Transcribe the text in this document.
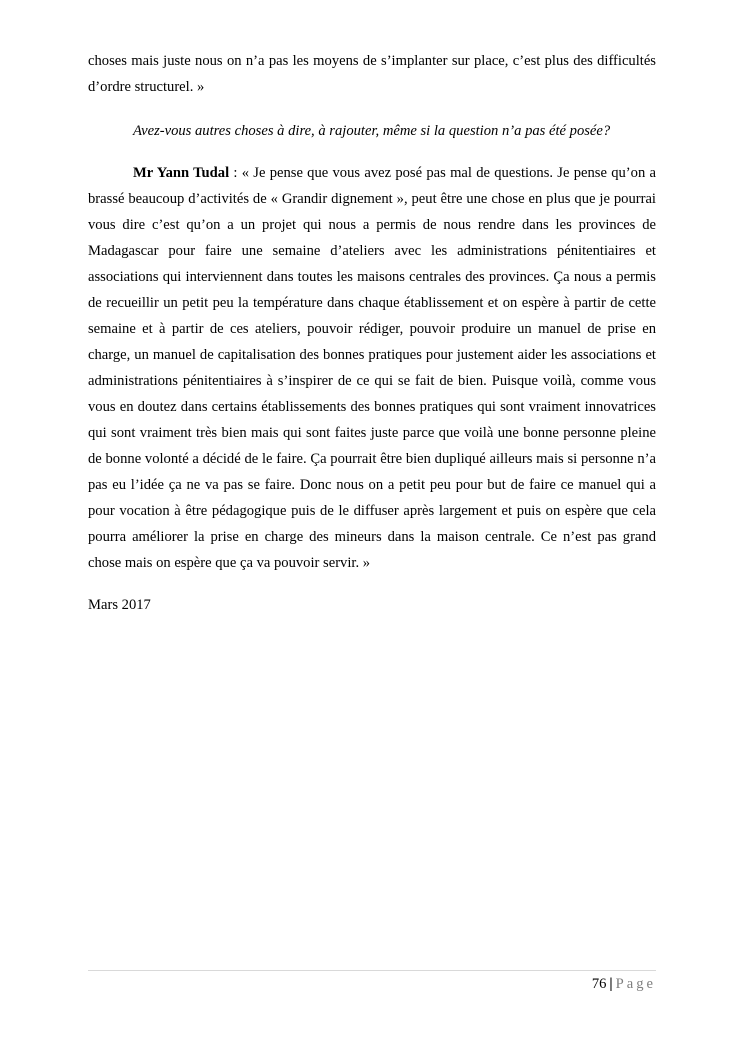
choses mais juste nous on n’a pas les moyens de s’implanter sur place, c’est plus des difficultés d’ordre structurel. »

Avez-vous autres choses à dire, à rajouter, même si la question n’a pas été posée?

Mr Yann Tudal : « Je pense que vous avez posé pas mal de questions. Je pense qu’on a brassé beaucoup d’activités de « Grandir dignement », peut être une chose en plus que je pourrai vous dire c’est qu’on a un projet qui nous a permis de nous rendre dans les provinces de Madagascar pour faire une semaine d’ateliers avec les administrations pénitentiaires et associations qui interviennent dans toutes les maisons centrales des provinces. Ça nous a permis de recueillir un petit peu la température dans chaque établissement et on espère à partir de cette semaine et à partir de ces ateliers, pouvoir rédiger, pouvoir produire un manuel de prise en charge, un manuel de capitalisation des bonnes pratiques pour justement aider les associations et administrations pénitentiaires à s’inspirer de ce qui se fait de bien. Puisque voilà, comme vous vous en doutez dans certains établissements des bonnes pratiques qui sont vraiment innovatrices qui sont vraiment très bien mais qui sont faites juste parce que voilà une bonne personne pleine de bonne volonté a décidé de le faire. Ça pourrait être bien dupliqué ailleurs mais si personne n’a pas eu l’idée ça ne va pas se faire. Donc nous on a petit peu pour but de faire ce manuel qui a pour vocation à être pédagogique puis de le diffuser après largement et puis on espère que cela pourra améliorer la prise en charge des mineurs dans la maison centrale. Ce n’est pas grand chose mais on espère que ça va pouvoir servir. »

Mars 2017

76 | Page
